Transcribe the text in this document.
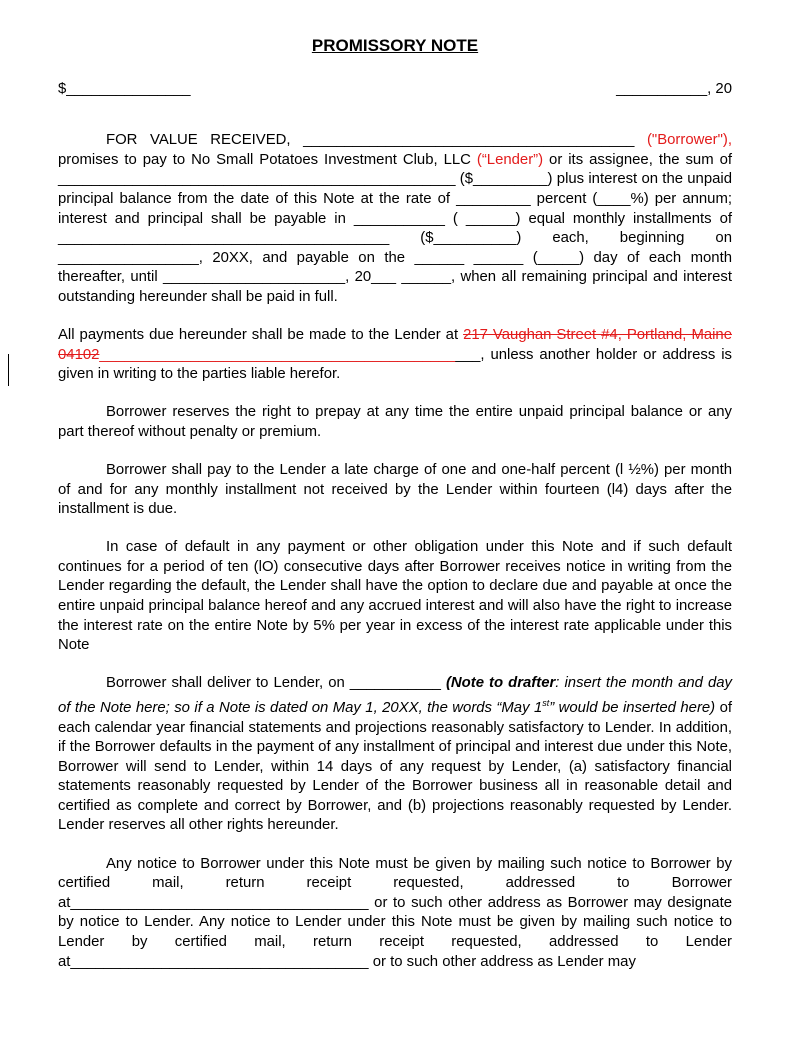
PROMISSORY NOTE
$_______________	___________, 20

FOR VALUE RECEIVED, ________________________________________ ("Borrower"), promises to pay to No Small Potatoes Investment Club, LLC (“Lender”) or its assignee, the sum of ________________________________________________ ($_________) plus interest on the unpaid principal balance from the date of this Note at the rate of _________ percent (____%) per annum; interest and principal shall be payable in ___________ ( ______) equal monthly installments of ________________________________________ ($__________) each, beginning on _________________, 20XX, and payable on the ______ ______ (_____) day of each month thereafter, until ______________________, 20___ ______, when all remaining principal and interest outstanding hereunder shall be paid in full.

All payments due hereunder shall be made to the Lender at 217 Vaughan Street #4, Portland, Maine 04102______________________________________________, unless another holder or address is given in writing to the parties liable herefor.

Borrower reserves the right to prepay at any time the entire unpaid principal balance or any part thereof without penalty or premium.

Borrower shall pay to the Lender a late charge of one and one-half percent (l ½%) per month of and for any monthly installment not received by the Lender within fourteen (l4) days after the installment is due.

In case of default in any payment or other obligation under this Note and if such default continues for a period of ten (lO) consecutive days after Borrower receives notice in writing from the Lender regarding the default, the Lender shall have the option to declare due and payable at once the entire unpaid principal balance hereof and any accrued interest and will also have the right to increase the interest rate on the entire Note by 5% per year in excess of the interest rate applicable under this Note

Borrower shall deliver to Lender, on ___________ (Note to drafter: insert the month and day of the Note here; so if a Note is dated on May 1, 20XX, the words “May 1st” would be inserted here) of each calendar year financial statements and projections reasonably satisfactory to Lender. In addition, if the Borrower defaults in the payment of any installment of principal and interest due under this Note, Borrower will send to Lender, within 14 days of any request by Lender, (a) satisfactory financial statements reasonably requested by Lender of the Borrower business all in reasonable detail and certified as complete and correct by Borrower, and (b) projections reasonably requested by Lender. Lender reserves all other rights hereunder.

Any notice to Borrower under this Note must be given by mailing such notice to Borrower by certified mail, return receipt requested, addressed to Borrower at____________________________________ or to such other address as Borrower may designate by notice to Lender. Any notice to Lender under this Note must be given by mailing such notice to Lender by certified mail, return receipt requested, addressed to Lender at____________________________________ or to such other address as Lender may
